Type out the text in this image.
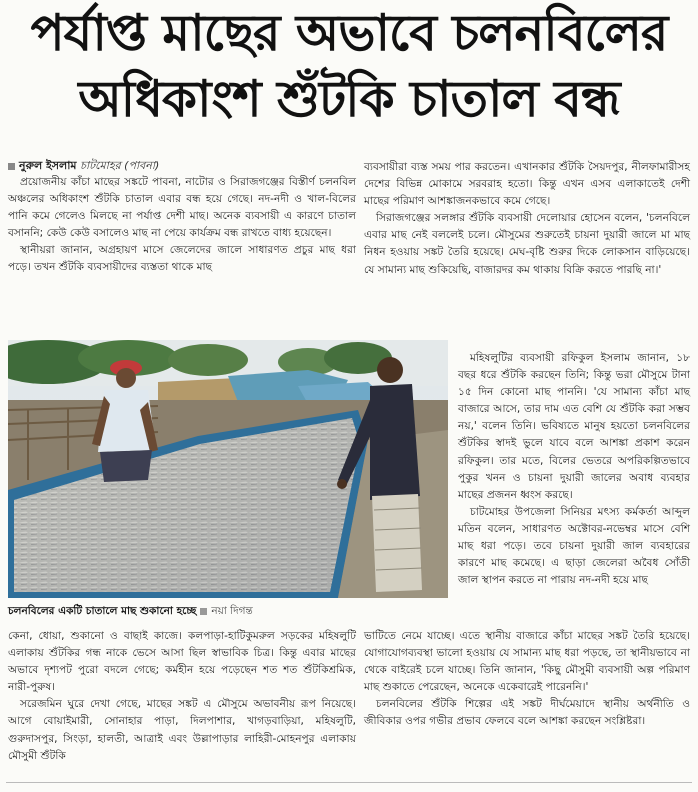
পর্যাপ্ত মাছের অভাবে চলনবিলের
অধিকাংশ শুঁটকি চাতাল বন্ধ
নুরুল ইসলাম চাটমোহর (পাবনা)

প্রয়োজনীয় কাঁচা মাছের সঙ্কটে পাবনা, নাটোর ও সিরাজগঞ্জের বিস্তীর্ণ চলনবিল অঞ্চলের অধিকাংশ শুঁটকি চাতাল এবার বন্ধ হয়ে গেছে। নদ-নদী ও খাল-বিলের পানি কমে গেলেও মিলছে না পর্যাপ্ত দেশী মাছ। অনেক ব্যবসায়ী এ কারণে চাতাল বসাননি; কেউ কেউ বসালেও মাছ না পেয়ে কার্যক্রম বন্ধ রাখতে বাধ্য হয়েছেন।

স্থানীয়রা জানান, অগ্রহায়ণ মাসে জেলেদের জালে সাধারণত প্রচুর মাছ ধরা পড়ে। তখন শুঁটকি ব্যবসায়ীদের ব্যস্ততা থাকে মাছ

ব্যবসায়ীরা ব্যস্ত সময় পার করতেন। এখানকার শুঁটকি সৈয়দপুর, নীলফামারীসহ দেশের বিভিন্ন মোকামে সরবরাহ হতো। কিন্তু এখন এসব এলাকাতেই দেশী মাছের পরিমাণ আশঙ্কাজনকভাবে কমে গেছে।

সিরাজগঞ্জের সলঙ্গার শুঁটকি ব্যবসায়ী দেলোয়ার হোসেন বলেন, 'চলনবিলে এবার মাছ নেই বললেই চলে। মৌসুমের শুরুতেই চায়না দুয়ারী জালে মা মাছ নিধন হওয়ায় সঙ্কট তৈরি হয়েছে। মেঘ-বৃষ্টি শুরুর দিকে লোকসান বাড়িয়েছে। যে সামান্য মাছ শুকিয়েছি, বাজারদর কম থাকায় বিক্রি করতে পারছি না।'

মহিষলুটির ব্যবসায়ী রফিকুল ইসলাম জানান, ১৮ বছর ধরে শুঁটকি করছেন তিনি; কিন্তু ভরা মৌসুমে টানা ১৫ দিন কোনো মাছ পাননি। 'যে সামান্য কাঁচা মাছ বাজারে আসে, তার দাম এত বেশি যে শুঁটকি করা সম্ভব নয়,' বলেন তিনি। ভবিষ্যতে মানুষ হয়তো চলনবিলের শুঁটকির স্বাদই ভুলে যাবে বলে আশঙ্কা প্রকাশ করেন রফিকুল। তার মতে, বিলের ভেতরে অপরিকল্পিতভাবে পুকুর খনন ও চায়না দুয়ারী জালের অবাধ ব্যবহার মাছের প্রজনন ধ্বংস করছে।

চাটমোহর উপজেলা সিনিয়র মৎস্য কর্মকর্তা আব্দুল মতিন বলেন, সাধারণত অক্টোবর-নভেম্বর মাসে বেশি মাছ ধরা পড়ে। তবে চায়না দুয়ারী জাল ব্যবহারের কারণে মাছ কমেছে। এ ছাড়া জেলেরা অবৈধ সোঁতী জাল স্থাপন করতে না পারায় নদ-নদী হয়ে মাছ

চলনবিলের একটি চাতালে মাছ শুকানো হচ্ছে নয়া দিগন্ত

কেনা, ধোয়া, শুকানো ও বাছাই কাজে। কলপাড়া-হাটিকুমরুল সড়কের মহিষলুটি এলাকায় শুঁটকির গন্ধ নাকে ভেসে আসা ছিল স্বাভাবিক চিত্র। কিন্তু এবার মাছের অভাবে দৃশ্যপট পুরো বদলে গেছে; কর্মহীন হয়ে পড়েছেন শত শত শুঁটকিশ্রমিক, নারী-পুরুষ।

সরেজমিন ঘুরে দেখা গেছে, মাছের সঙ্কট এ মৌসুমে অভাবনীয় রূপ নিয়েছে। আগে বোয়াইমারী, সোনাহার পাড়া, দিলপাশার, খাগড়বাড়িয়া, মহিষলুটি, গুরুদাসপুর, সিংড়া, হালতী, আত্রাই এবং উল্লাপাড়ার লাহিরী-মোহনপুর এলাকায় মৌসুমী শুঁটকি

ভাটিতে নেমে যাচ্ছে। এতে স্থানীয় বাজারে কাঁচা মাছের সঙ্কট তৈরি হয়েছে। যোগাযোগব্যবস্থা ভালো হওয়ায় যে সামান্য মাছ ধরা পড়ছে, তা স্থানীয়ভাবে না থেকে বাইরেই চলে যাচ্ছে। তিনি জানান, 'কিছু মৌসুমী ব্যবসায়ী অল্প পরিমাণ মাছ শুকাতে পেরেছেন, অনেকে একেবারেই পারেননি।'

চলনবিলের শুঁটকি শিল্পের এই সঙ্কট দীর্ঘমেয়াদে স্থানীয় অর্থনীতি ও জীবিকার ওপর গভীর প্রভাব ফেলবে বলে আশঙ্কা করছেন সংশ্লিষ্টরা।
